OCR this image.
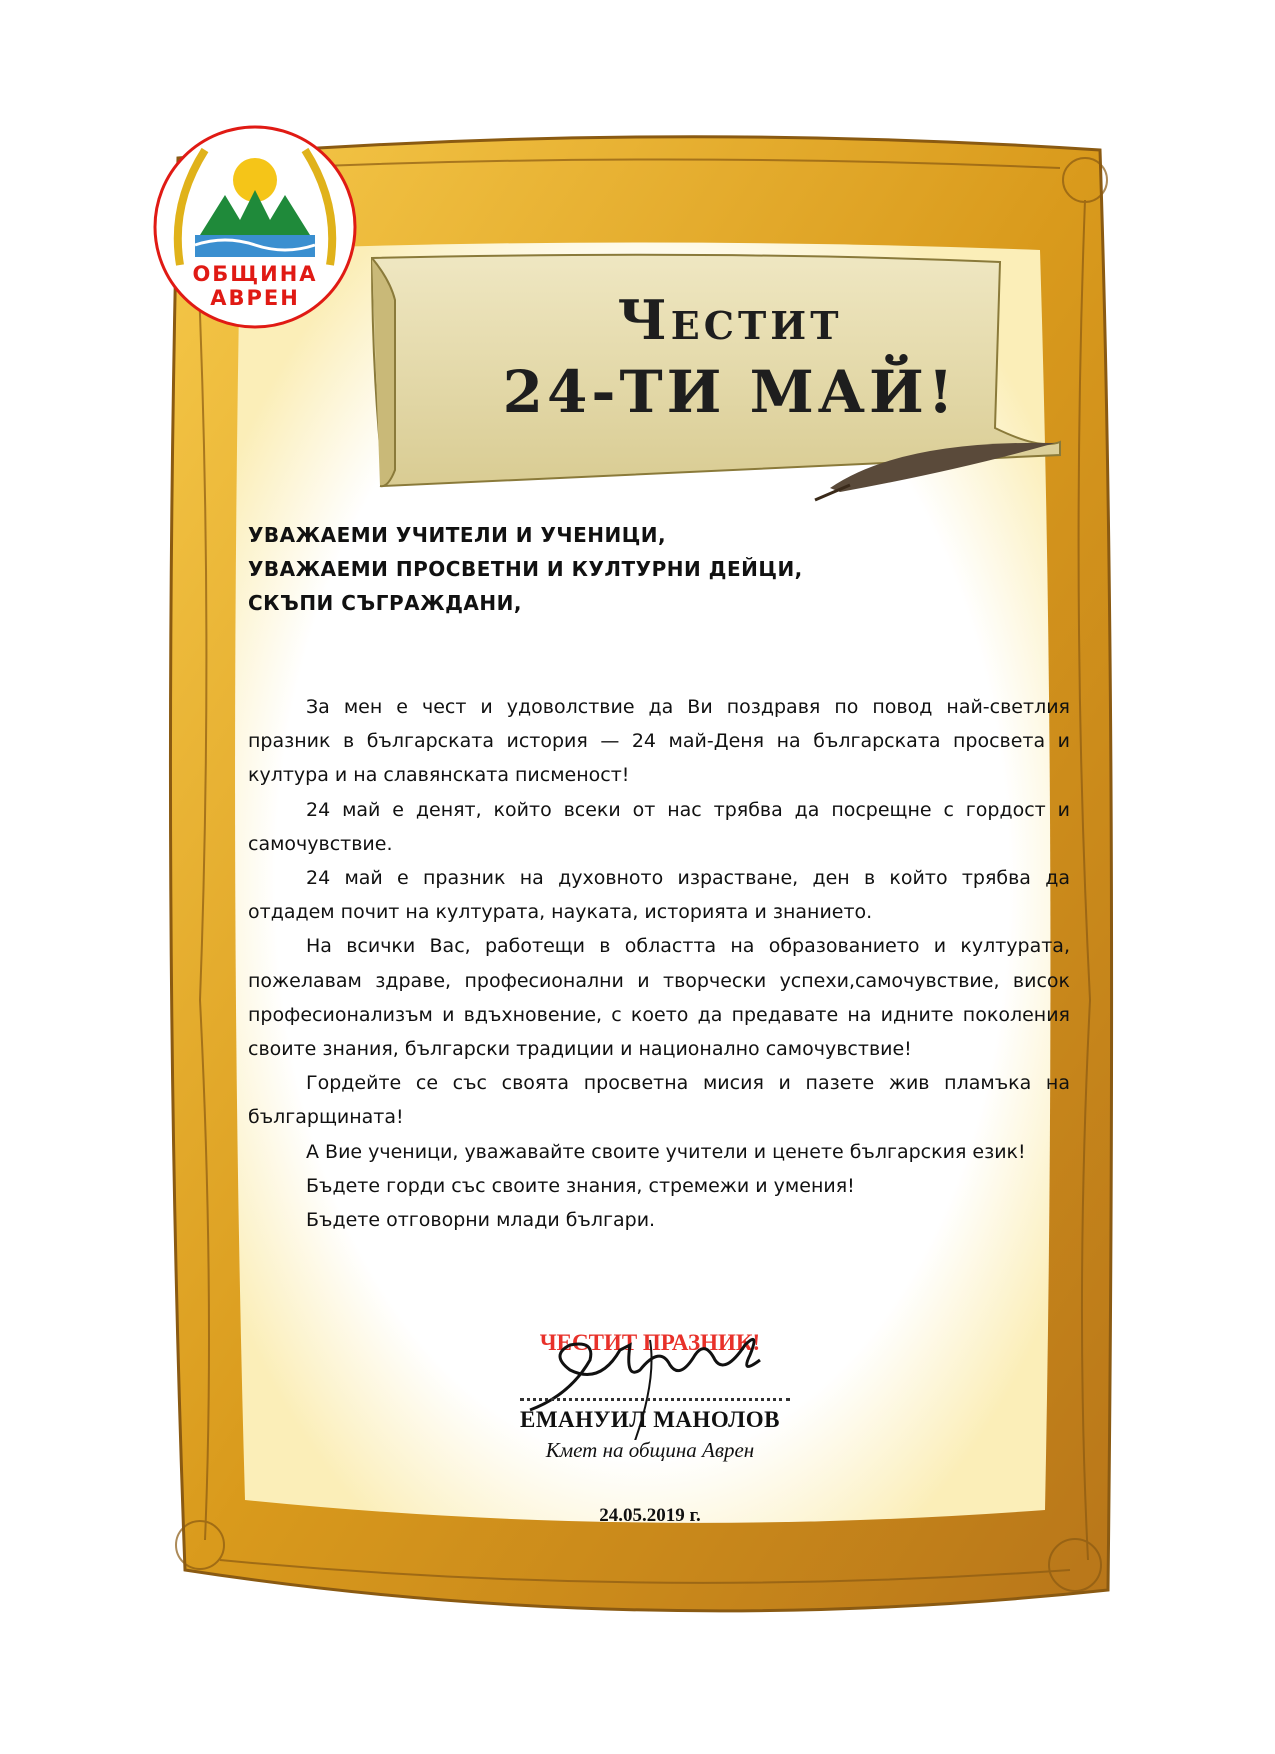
ОБЩИНА
АВРЕН	Честит
24-ТИ МАЙ!
УВАЖАЕМИ УЧИТЕЛИ И УЧЕНИЦИ,
УВАЖАЕМИ ПРОСВЕТНИ И КУЛТУРНИ ДЕЙЦИ,
СКЪПИ СЪГРАЖДАНИ,

За мен е чест и удоволствие да Ви поздравя по повод най-светлия празник в българската история — 24 май-Деня на българската просвета и култура и на славянската писменост!

24 май е денят, който всеки от нас трябва да посрещне с гордост и самочувствие.

24 май е празник на духовното израстване, ден в който трябва да отдадем почит на културата, науката, историята и знанието.

На всички Вас, работещи в областта на образованието и културата, пожелавам здраве, професионални и творчески успехи,самочувствие, висок професионализъм и вдъхновение, с което да предавате на идните поколения своите знания, български традиции и национално самочувствие!

Гордейте се със своята просветна мисия и пазете жив пламъка на българщината!

А Вие ученици, уважавайте своите учители и ценете българския език!

Бъдете горди със своите знания, стремежи и умения!

Бъдете отговорни млади българи.

ЧЕСТИТ ПРАЗНИК!
ЕМАНУИЛ МАНОЛОВ
Кмет на община Аврен
24.05.2019 г.
